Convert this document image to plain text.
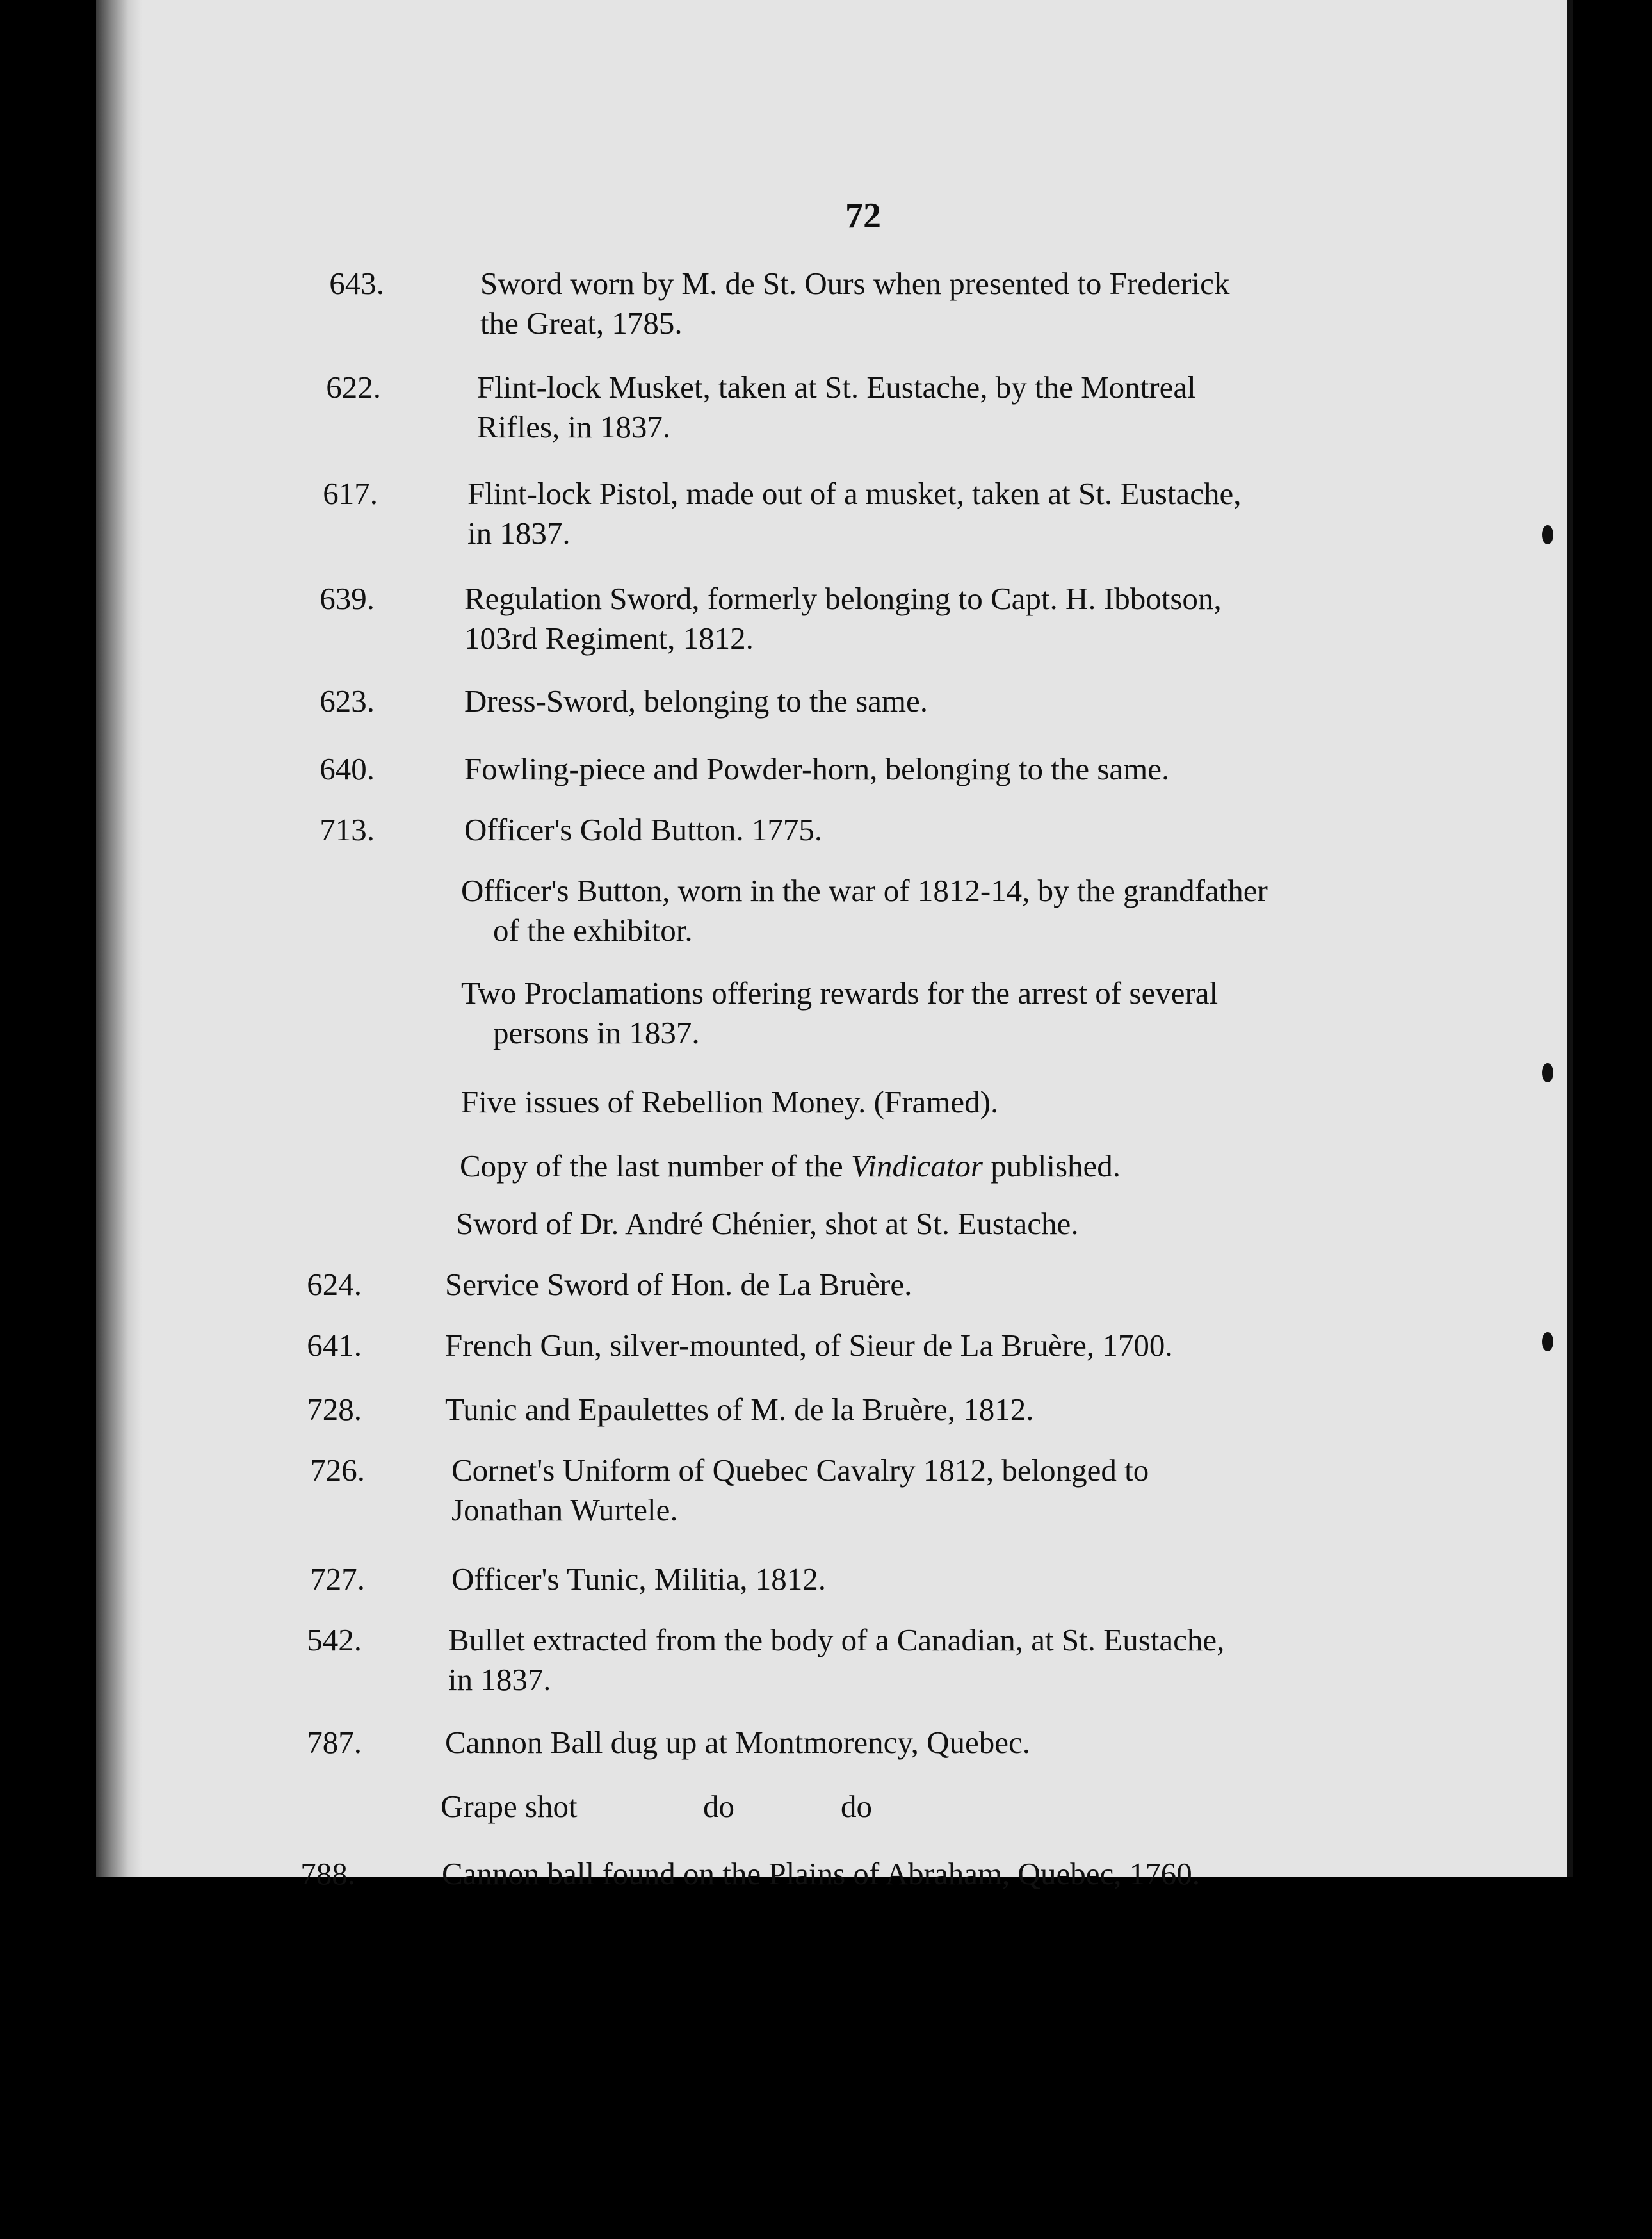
72
643.	Sword worn by M. de St. Ours when presented to Frederick
the Great, 1785.
622.	Flint-lock Musket, taken at St. Eustache, by the Montreal
Rifles, in 1837.
617.	Flint-lock Pistol, made out of a musket, taken at St. Eustache,
in 1837.
639.	Regulation Sword, formerly belonging to Capt. H. Ibbotson,
103rd Regiment, 1812.
623.	Dress-Sword, belonging to the same.
640.	Fowling-piece and Powder-horn, belonging to the same.
713.	Officer's Gold Button. 1775.
Officer's Button, worn in the war of 1812-14, by the grandfather
of the exhibitor.
Two Proclamations offering rewards for the arrest of several
persons in 1837.
Five issues of Rebellion Money. (Framed).
Copy of the last number of the Vindicator published.
Sword of Dr. André Chénier, shot at St. Eustache.
624.	Service Sword of Hon. de La Bruère.
641.	French Gun, silver-mounted, of Sieur de La Bruère, 1700.
728.	Tunic and Epaulettes of M. de la Bruère, 1812.
726.	Cornet's Uniform of Quebec Cavalry 1812, belonged to
Jonathan Wurtele.
727.	Officer's Tunic, Militia, 1812.
542.	Bullet extracted from the body of a Canadian, at St. Eustache,
in 1837.
787.	Cannon Ball dug up at Montmorency, Quebec.
Grape shot	do	do
788.	Cannon ball found on the Plains of Abraham, Quebec, 1760.
